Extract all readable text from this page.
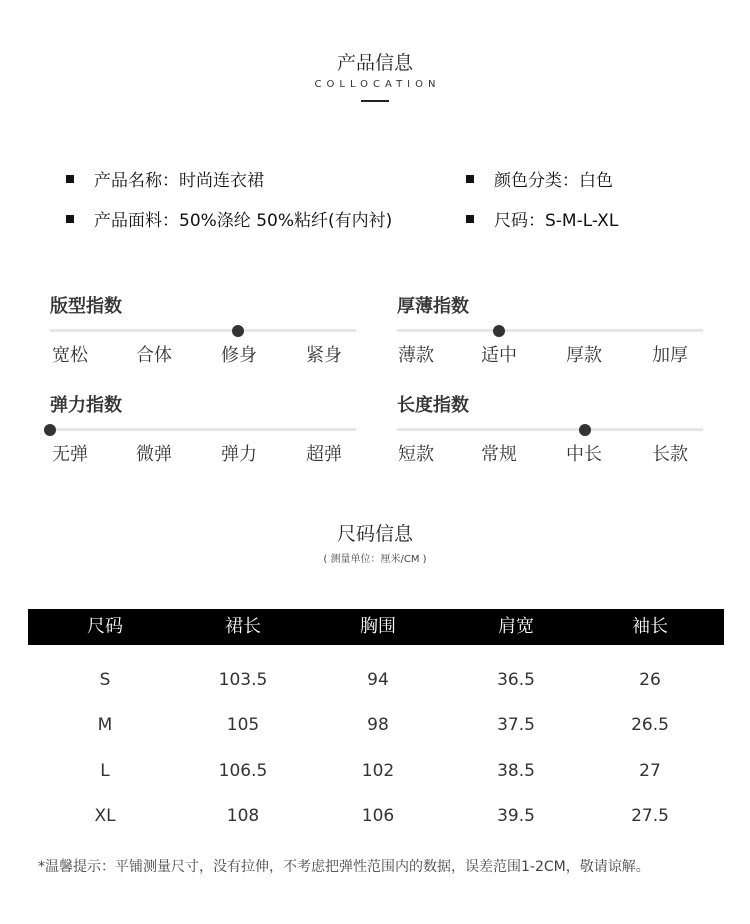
产品信息
COLLOCATION
产品名称：时尚连衣裙	颜色分类：白色
产品面料：50%涤纶 50%粘纤(有内衬)	尺码：S-M-L-XL
版型指数
宽松	合体	修身	紧身
厚薄指数
薄款	适中	厚款	加厚
弹力指数
无弹	微弹	弹力	超弹
长度指数
短款	常规	中长	长款
尺码信息
( 测量单位：厘米/CM )
尺码	裙长	胸围	肩宽	袖长
S	103.5	94	36.5	26
M	105	98	37.5	26.5
L	106.5	102	38.5	27
XL	108	106	39.5	27.5
*温馨提示：平铺测量尺寸，没有拉伸，不考虑把弹性范围内的数据，误差范围1-2CM，敬请谅解。
